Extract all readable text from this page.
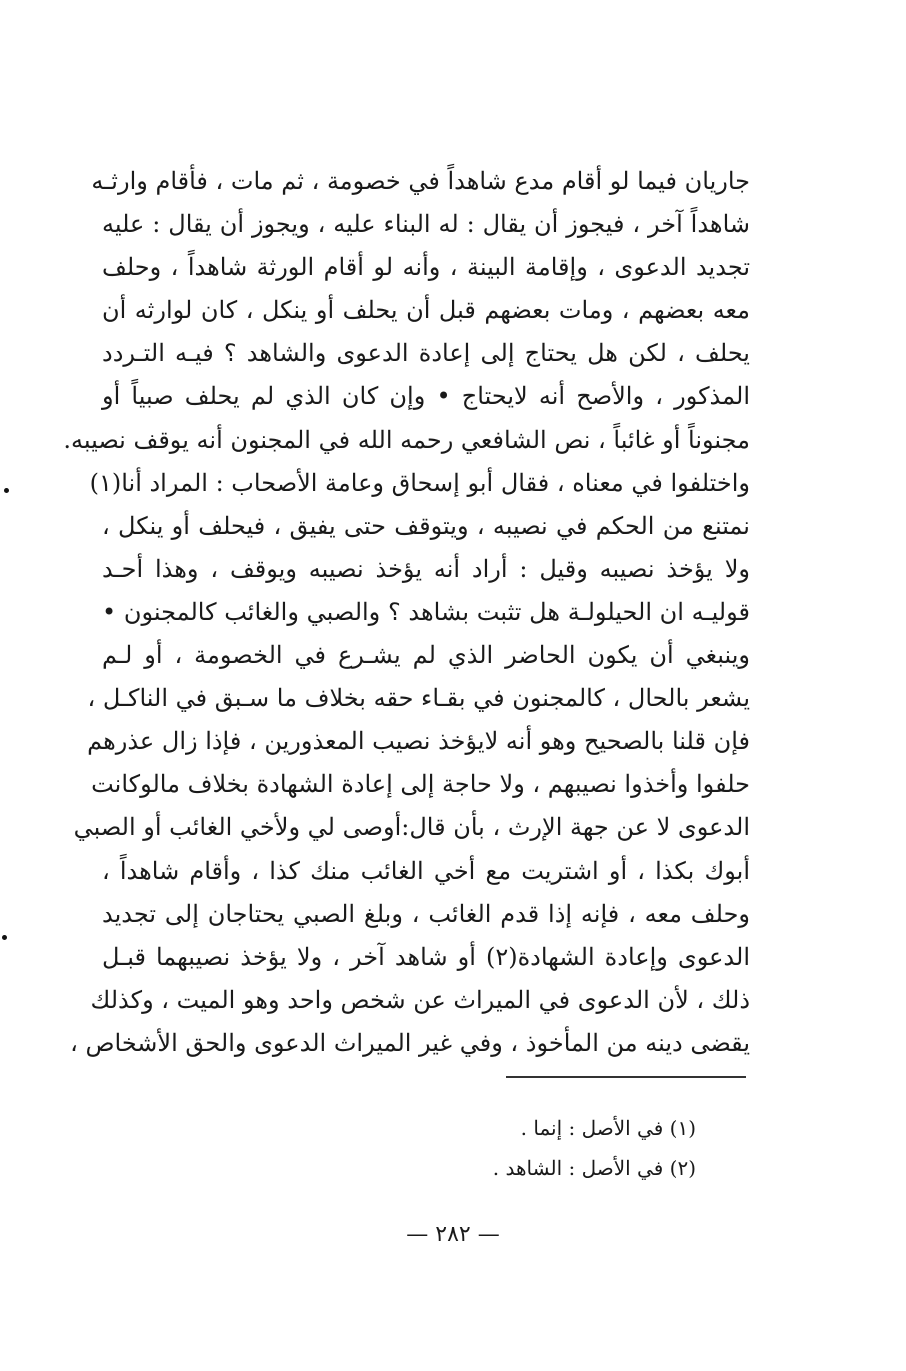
جاريان فيما لو أقام مدع شاهداً في خصومة ، ثم مات ، فأقام وارثـه
شاهداً آخر ، فيجوز أن يقال : له البناء عليه ، ويجوز أن يقال : عليه
تجديد الدعوى ، وإقامة البينة ، وأنه لو أقام الورثة شاهداً ، وحلف
معه بعضهم ، ومات بعضهم قبل أن يحلف أو ينكل ، كان لوارثه أن
يحلف ، لكن هل يحتاج إلى إعادة الدعوى والشاهد ؟ فيـه التـردد
المذكور ، والأصح أنه لايحتاج • وإن كان الذي لم يحلف صبياً أو
مجنوناً أو غائباً ، نص الشافعي رحمه الله في المجنون أنه يوقف نصيبه.
واختلفوا في معناه ، فقال أبو إسحاق وعامة الأصحاب : المراد أنا(١)
نمتنع من الحكم في نصيبه ، ويتوقف حتى يفيق ، فيحلف أو ينكل ،
ولا يؤخذ نصيبه وقيل : أراد أنه يؤخذ نصيبه ويوقف ، وهذا أحـد
قوليـه ان الحيلولـة هل تثبت بشاهد ؟ والصبي والغائب كالمجنون •
وينبغي أن يكون الحاضر الذي لم يشـرع في الخصومة ، أو لـم
يشعر بالحال ، كالمجنون في بقـاء حقه بخلاف ما سـبق في الناكـل ،
فإن قلنا بالصحيح وهو أنه لايؤخذ نصيب المعذورين ، فإذا زال عذرهم
حلفوا وأخذوا نصيبهم ، ولا حاجة إلى إعادة الشهادة بخلاف مالوكانت
الدعوى لا عن جهة الإرث ، بأن قال:أوصى لي ولأخي الغائب أو الصبي
أبوك بكذا ، أو اشتريت مع أخي الغائب منك كذا ، وأقام شاهداً ،
وحلف معه ، فإنه إذا قدم الغائب ، وبلغ الصبي يحتاجان إلى تجديد
الدعوى وإعادة الشهادة(٢) أو شاهد آخر ، ولا يؤخذ نصيبهما قبـل
ذلك ، لأن الدعوى في الميراث عن شخص واحد وهو الميت ، وكذلك
يقضى دينه من المأخوذ ، وفي غير الميراث الدعوى والحق الأشخاص ،
(١) في الأصل : إنما .
(٢) في الأصل : الشاهد .
— ٢٨٢ —
